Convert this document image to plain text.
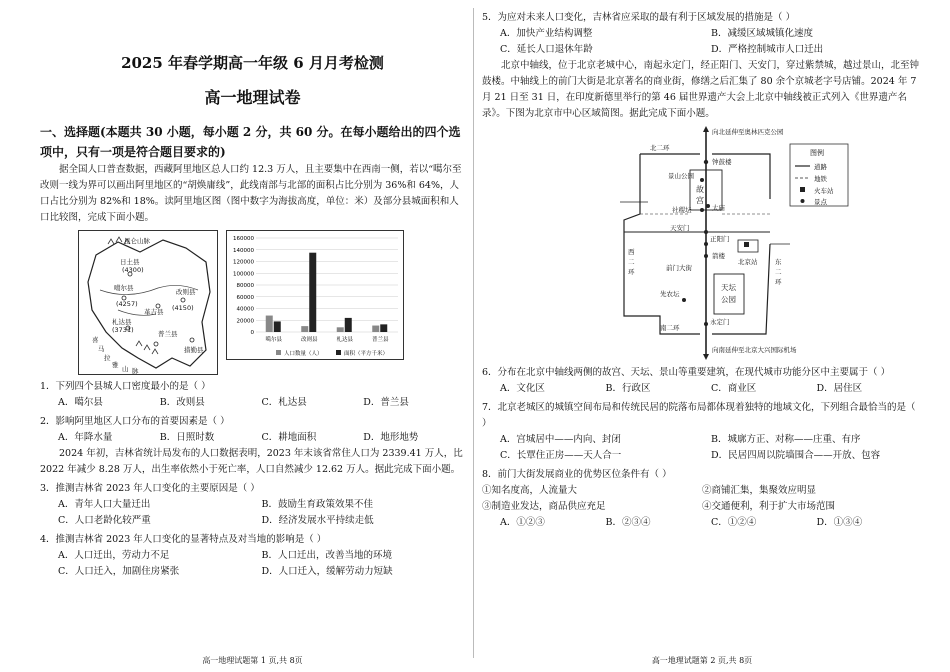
2025 年春学期高一年级 6 月月考检测
高一地理试卷
一、选择题(本题共 30 小题，每小题 2 分，共 60 分。在每小题给出的四个选项中，只有一项是符合题目要求的)

据全国人口普查数据，西藏阿里地区总人口约 12.3 万人，且主要集中在西南一侧，若以“噶尔至改则一线为界可以画出阿里地区的“胡焕庸线”，此线南部与北部的面积占比分别为 36%和 64%，人口占比分别为 82%和 18%。读阿里地区图（图中数字为海拔高度，单位：米）及部分县城面积和人口比较图，完成下面小题。

昆仑山脉
日土县
(4300)
噶尔县
(4257)
改则县
(4150)
革吉县
札达县
(3731)	普兰县
措勤县
喜
马
拉
雅 山 脉
160000
140000
120000
100000
80000
60000
40000
20000
0
噶尔县	改则县	札达县	普兰县
人口数量（人）	面积（平方千米）

1．下列四个县城人口密度最小的是（ ）

A．噶尔县	B．改则县	C．札达县	D．普兰县

2．影响阿里地区人口分布的首要因素是（ ）

A．年降水量	B．日照时数	C．耕地面积	D．地形地势

2024 年初，吉林省统计局发布的人口数据表明，2023 年末该省常住人口为 2339.41 万人，比 2022 年减少 8.28 万人，出生率依然小于死亡率，人口自然减少 12.62 万人。据此完成下面小题。

3．推测吉林省 2023 年人口变化的主要原因是（ ）

A．青年人口大量迁出	B．鼓励生育政策效果不佳
C．人口老龄化较严重	D．经济发展水平持续走低

4．推测吉林省 2023 年人口变化的显著特点及对当地的影响是（ ）

A．人口迁出，劳动力不足	B．人口迁出，改善当地的环境
C．人口迁入，加剧住房紧张	D．人口迁入，缓解劳动力短缺
高一地理试题第 1 页,共 8页

5．为应对未来人口变化，吉林省应采取的最有利于区域发展的措施是（ ）

A．加快产业结构调整	B．减缓区域城镇化速度
C．延长人口退休年龄	D．严格控制城市人口迁出

北京中轴线，位于北京老城中心，南起永定门，经正阳门、天安门，穿过紫禁城，越过景山，北至钟鼓楼。中轴线上的前门大街是北京著名的商业街，修缮之后汇集了 80 余个京城老字号店铺。2024 年 7 月 21 日至 31 日，在印度新德里举行的第 46 届世界遗产大会上北京中轴线被正式列入《世界遗产名录》。下图为北京市中心区域简图。据此完成下面小题。

向北延伸至奥林匹克公园
北二环
钟鼓楼
景山公园
故
宫
社稷坛	太庙
天安门
正阳门
箭楼
前门大街
北京站
天坛
公园
先农坛
永定门
南二环
向南延伸至北京大兴国际机场
西
二
环
东
二
环
图例
道路
地铁
火车站
景点

6．分布在北京中轴线两侧的故宫、天坛、景山等重要建筑，在现代城市功能分区中主要属于（ ）

A．文化区	B．行政区	C．商业区	D．居住区

7．北京老城区的城镇空间布局和传统民居的院落布局都体现着独特的地域文化，下列组合最恰当的是（ ）

A．宫城居中——内向、封闭	B．城廓方正、对称——庄重、有序
C．长覃住正房——天人合一	D．民居四周以院墙围合——开放、包容

8．前门大街发展商业的优势区位条件有（ ）

①知名度高，人流量大	②商铺汇集，集聚效应明显
③制造业发达，商品供应充足	④交通便利，利于扩大市场范围
A．①②③	B．②③④	C．①②④	D．①③④
高一地理试题第 2 页,共 8页
